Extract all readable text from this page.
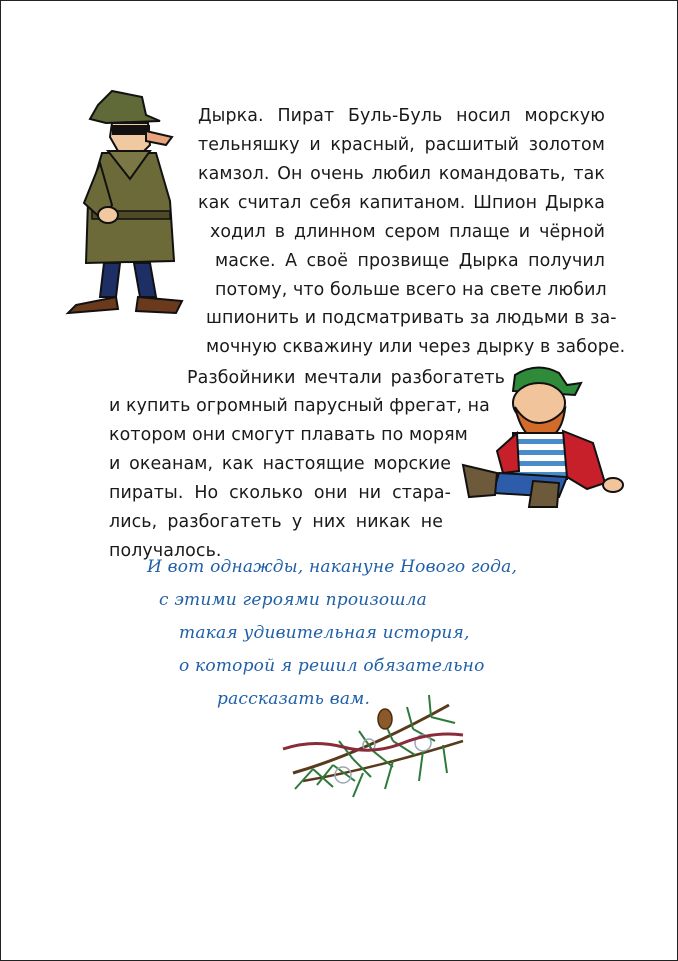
Дырка. Пират Буль-Буль носил морскую
тельняшку и красный, расшитый золотом
камзол. Он очень любил командовать, так
как считал себя капитаном. Шпион Дырка
ходил в длинном сером плаще и чёрной
маске. А своё прозвище Дырка получил
потому, что больше всего на свете любил
шпионить и подсматривать за людьми в за-
мочную скважину или через дырку в заборе.
Разбойники мечтали разбогатеть
и купить огромный парусный фрегат, на
котором они смогут плавать по морям
и океанам, как настоящие морские
пираты. Но сколько они ни стара-
лись, разбогатеть у них никак не
получалось.
И вот однажды, накануне Нового года,
с этими героями произошла
такая удивительная история,
о которой я решил обязательно
рассказать вам.
